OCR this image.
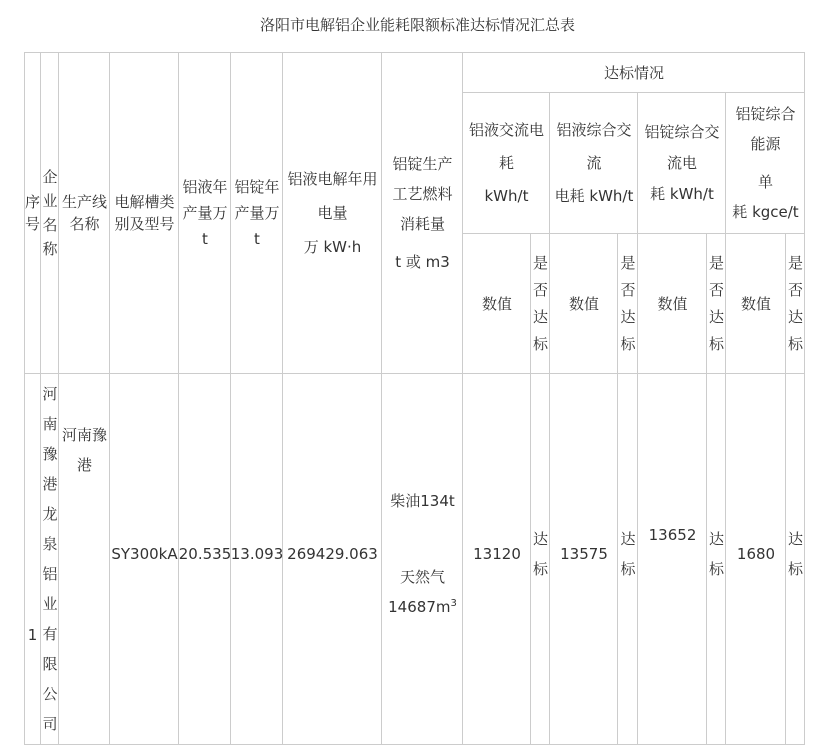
洛阳市电解铝企业能耗限额标准达标情况汇总表
序
号
企
业
名
称
生产线
名称
电解槽类
别及型号
铝液年
产量万
t
铝锭年
产量万
t
铝液电解年用
电量
万 kW·h
铝锭生产
工艺燃料
消耗量
t 或 m3
达标情况
铝液交流电
耗
kWh/t
铝液综合交
流
电耗 kWh/t
铝锭综合交
流电
耗 kWh/t
铝锭综合
能源
单
耗 kgce/t
数值
是
否
达
标
数值
是
否
达
标
数值
是
否
达
标
数值
是
否
达
标
1
河
南
豫
港
龙
泉
铝
业
有
限
公
司
河南豫
港
SY300kA 20.535 13.093 269429.063
柴油134t
天然气
$14687m^3$
13120
达
标
13575
达
标
13652 达
标
1680
达
标
